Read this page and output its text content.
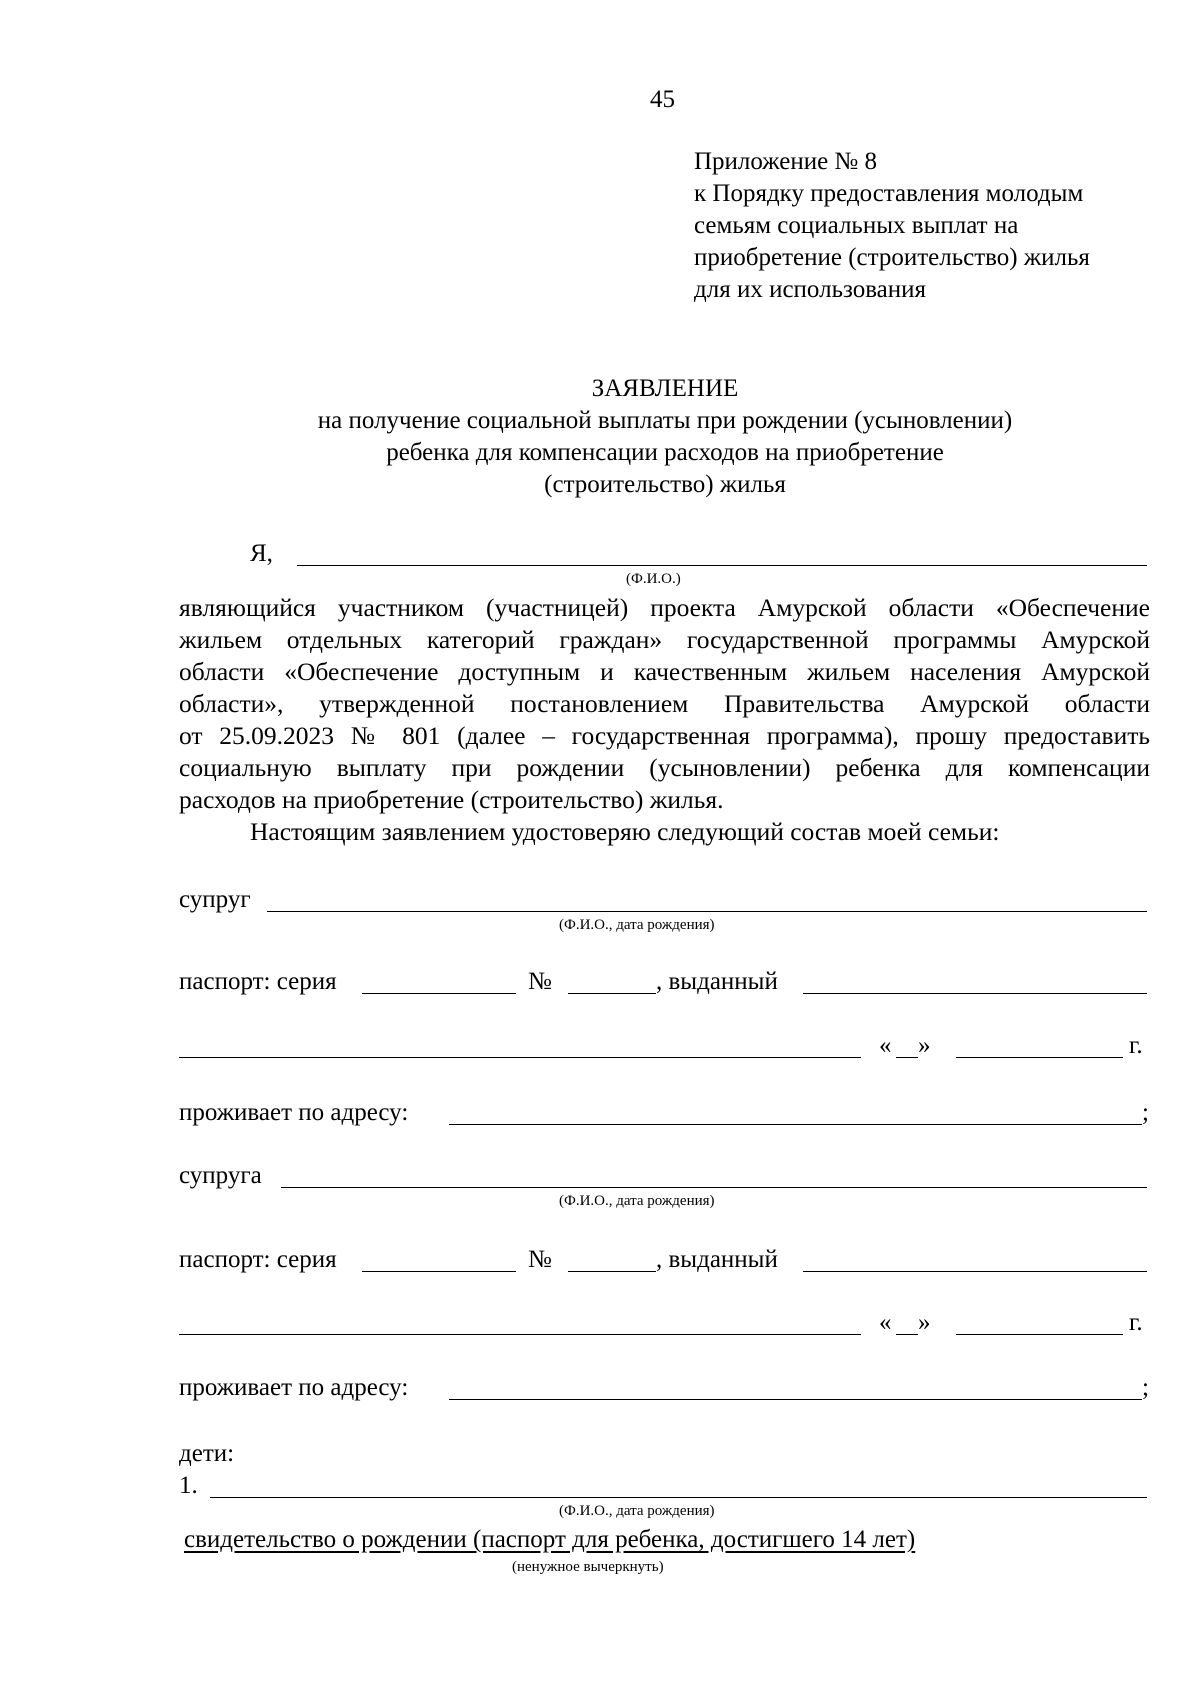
45
Приложение № 8
к Порядку предоставления молодым
семьям социальных выплат на
приобретение (строительство) жилья
для их использования
ЗАЯВЛЕНИЕ
на получение социальной выплаты при рождении (усыновлении)
ребенка для компенсации расходов на приобретение
(строительство) жилья
Я,
(Ф.И.О.)
являющийся участником (участницей) проекта Амурской области «Обеспечение
жильем отдельных категорий граждан» государственной программы Амурской
области «Обеспечение доступным и качественным жильем населения Амурской
области», утвержденной постановлением Правительства Амурской области
от 25.09.2023 № 801 (далее – государственная программа), прошу предоставить
социальную выплату при рождении (усыновлении) ребенка для компенсации
расходов на приобретение (строительство) жилья.
Настоящим заявлением удостоверяю следующий состав моей семьи:
супруг
(Ф.И.О., дата рождения)
паспорт: серия	№	, выданный
« »	г.
проживает по адресу:	;
супруга
(Ф.И.О., дата рождения)
паспорт: серия	№	, выданный
« »	г.
проживает по адресу:	;
дети:
1.
(Ф.И.О., дата рождения)
свидетельство о рождении (паспорт для ребенка, достигшего 14 лет)
(ненужное вычеркнуть)
